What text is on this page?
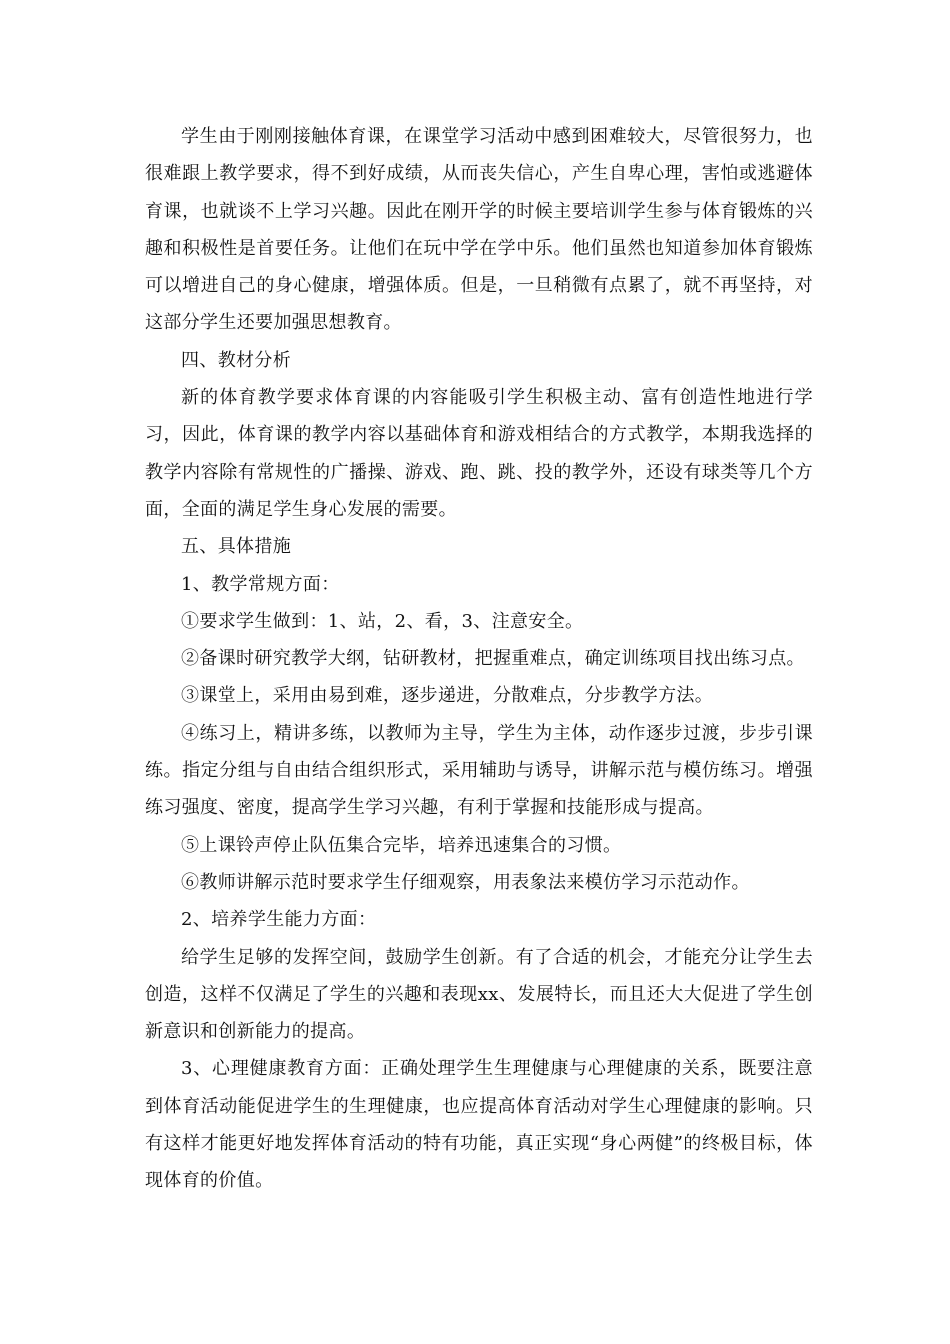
学生由于刚刚接触体育课，在课堂学习活动中感到困难较大，尽管很努力，也很难跟上教学要求，得不到好成绩，从而丧失信心，产生自卑心理，害怕或逃避体育课，也就谈不上学习兴趣。因此在刚开学的时候主要培训学生参与体育锻炼的兴趣和积极性是首要任务。让他们在玩中学在学中乐。他们虽然也知道参加体育锻炼可以增进自己的身心健康，增强体质。但是，一旦稍微有点累了，就不再坚持，对这部分学生还要加强思想教育。

四、教材分析

新的体育教学要求体育课的内容能吸引学生积极主动、富有创造性地进行学习，因此，体育课的教学内容以基础体育和游戏相结合的方式教学，本期我选择的教学内容除有常规性的广播操、游戏、跑、跳、投的教学外，还设有球类等几个方面，全面的满足学生身心发展的需要。

五、具体措施

1、教学常规方面：

①要求学生做到：1、站，2、看，3、注意安全。

②备课时研究教学大纲，钻研教材，把握重难点，确定训练项目找出练习点。

③课堂上，采用由易到难，逐步递进，分散难点，分步教学方法。

④练习上，精讲多练，以教师为主导，学生为主体，动作逐步过渡，步步引课练。指定分组与自由结合组织形式，采用辅助与诱导，讲解示范与模仿练习。增强练习强度、密度，提高学生学习兴趣，有利于掌握和技能形成与提高。

⑤上课铃声停止队伍集合完毕，培养迅速集合的习惯。

⑥教师讲解示范时要求学生仔细观察，用表象法来模仿学习示范动作。

2、培养学生能力方面：

给学生足够的发挥空间，鼓励学生创新。有了合适的机会，才能充分让学生去创造，这样不仅满足了学生的兴趣和表现xx、发展特长，而且还大大促进了学生创新意识和创新能力的提高。

3、心理健康教育方面：正确处理学生生理健康与心理健康的关系，既要注意到体育活动能促进学生的生理健康，也应提高体育活动对学生心理健康的影响。只有这样才能更好地发挥体育活动的特有功能，真正实现“身心两健”的终极目标，体现体育的价值。
